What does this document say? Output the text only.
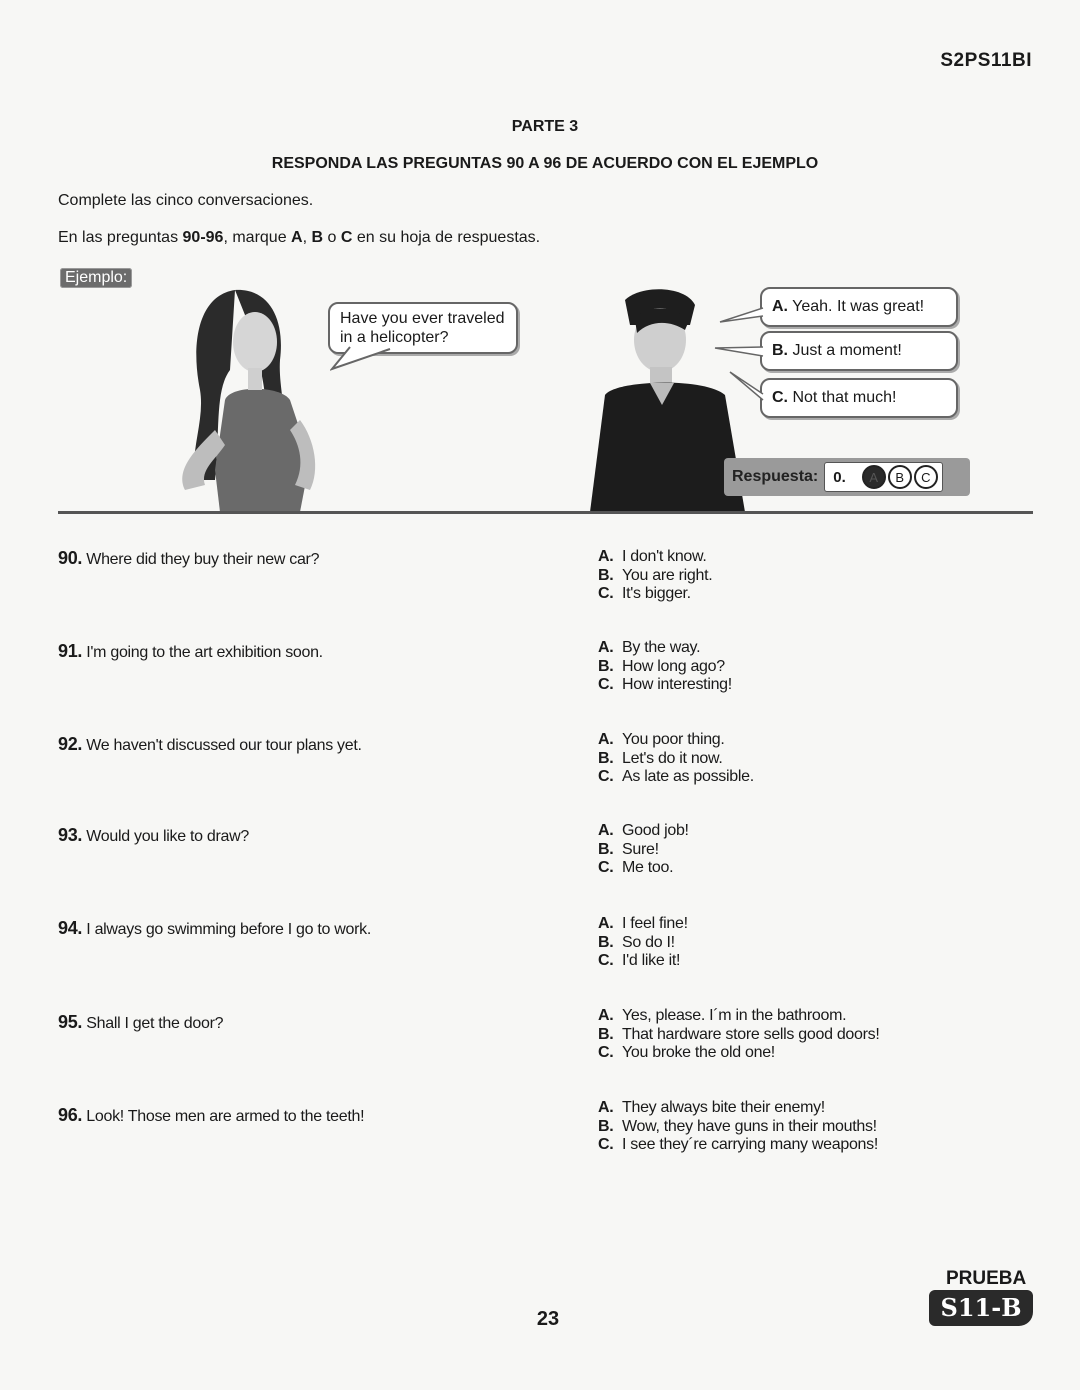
S2PS11BI
PARTE 3
RESPONDA LAS PREGUNTAS 90 A 96 DE ACUERDO CON EL EJEMPLO
Complete las cinco conversaciones.
En las preguntas 90-96, marque A, B o C en su hoja de respuestas.
Ejemplo:
Have you ever traveled in a helicopter?
A. Yeah. It was great!
B. Just a moment!
C. Not that much!
Respuesta: 0.	A	B	C
90. Where did they buy their new car?	A. I don't know.
B. You are right.
C. It's bigger.
91. I'm going to the art exhibition soon.	A. By the way.
B. How long ago?
C. How interesting!
92. We haven't discussed our tour plans yet.	A. You poor thing.
B. Let's do it now.
C. As late as possible.
93. Would you like to draw?	A. Good job!
B. Sure!
C. Me too.
94. I always go swimming before I go to work.	A. I feel fine!
B. So do I!
C. I'd like it!
95. Shall I get the door?	A. Yes, please. I´m in the bathroom.
B. That hardware store sells good doors!
C. You broke the old one!
96. Look! Those men are armed to the teeth!
A. They always bite their enemy!
B. Wow, they have guns in their mouths!
C. I see they´re carrying many weapons!
23
PRUEBA
S11-B
